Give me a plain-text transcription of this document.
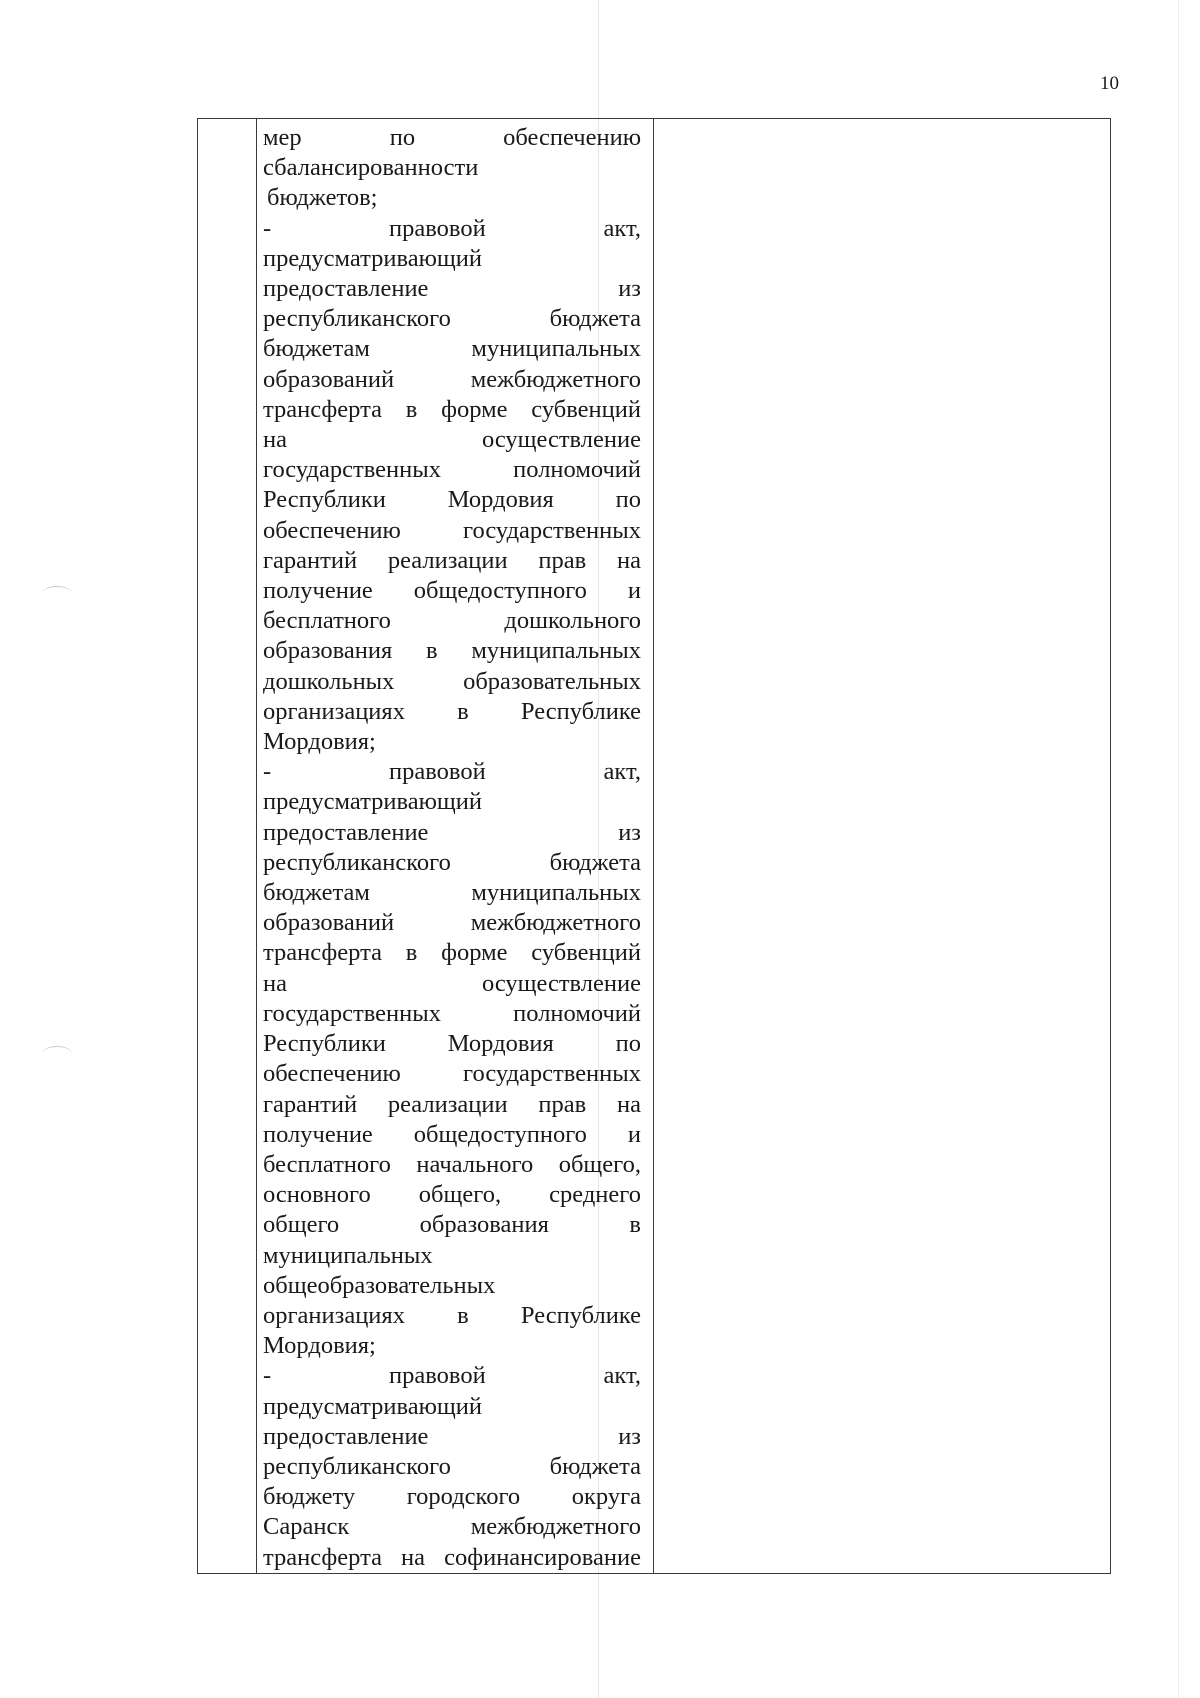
10

мер по обеспечению
сбалансированности
бюджетов;
- правовой акт,
предусматривающий
предоставление из
республиканского бюджета
бюджетам муниципальных
образований межбюджетного
трансферта в форме субвенций
на осуществление
государственных полномочий
Республики Мордовия по
обеспечению государственных
гарантий реализации прав на
получение общедоступного и
бесплатного дошкольного
образования в муниципальных
дошкольных образовательных
организациях в Республике
Мордовия;
- правовой акт,
предусматривающий
предоставление из
республиканского бюджета
бюджетам муниципальных
образований межбюджетного
трансферта в форме субвенций
на осуществление
государственных полномочий
Республики Мордовия по
обеспечению государственных
гарантий реализации прав на
получение общедоступного и
бесплатного начального общего,
основного общего, среднего
общего образования в
муниципальных
общеобразовательных
организациях в Республике
Мордовия;
- правовой акт,
предусматривающий
предоставление из
республиканского бюджета
бюджету городского округа
Саранск межбюджетного
трансферта на софинансирование
